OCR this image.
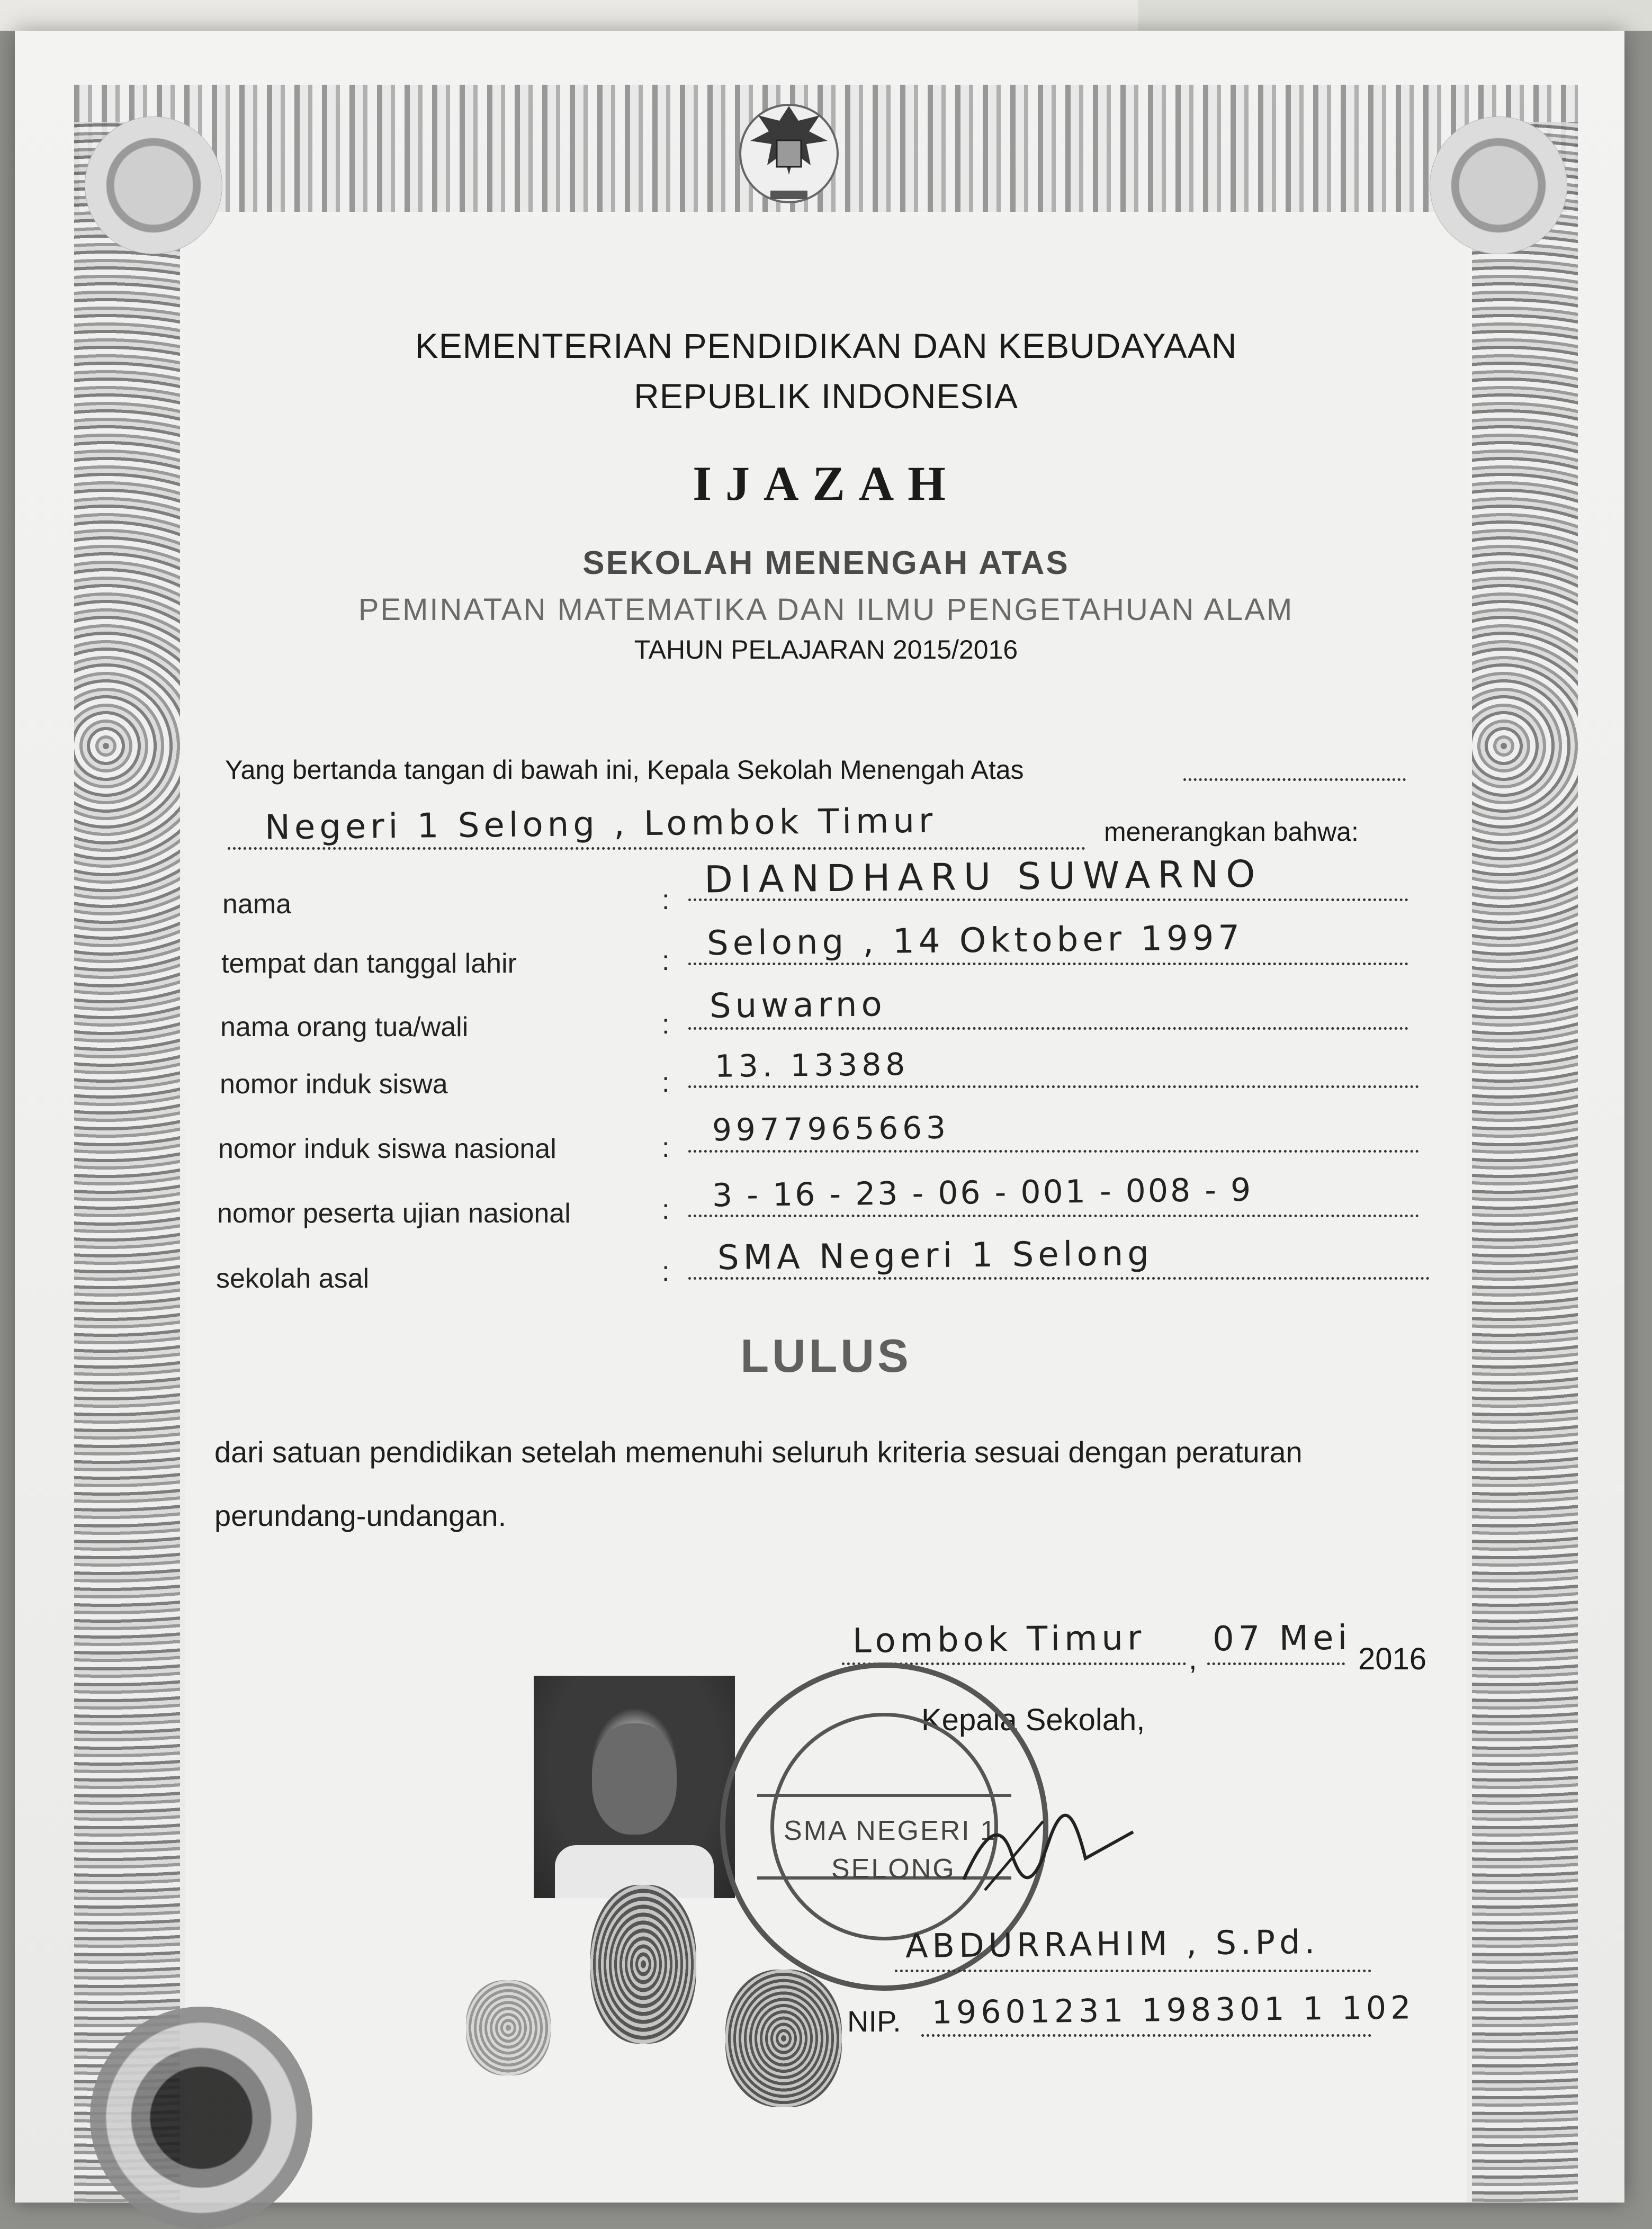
KEMENTERIAN PENDIDIKAN DAN KEBUDAYAAN
REPUBLIK INDONESIA
IJAZAH
SEKOLAH MENENGAH ATAS
PEMINATAN MATEMATIKA DAN ILMU PENGETAHUAN ALAM
TAHUN PELAJARAN 2015/2016
Yang bertanda tangan di bawah ini, Kepala Sekolah Menengah Atas
Negeri 1 Selong , Lombok Timur	menerangkan bahwa:
nama	: DIANDHARU SUWARNO
tempat dan tanggal lahir	: Selong , 14 Oktober 1997
nama orang tua/wali	: Suwarno
nomor induk siswa	: 13. 13388
nomor induk siswa nasional	: 9977965663
nomor peserta ujian nasional	: 3 - 16 - 23 - 06 - 001 - 008 - 9
sekolah asal	: SMA Negeri 1 Selong
LULUS
dari satuan pendidikan setelah memenuhi seluruh kriteria sesuai dengan peraturan
perundang-undangan.
Lombok Timur , 07 Mei
2016
Kepala Sekolah,
SMA NEGERI 1
SELONG
ABDURRAHIM , S.Pd.
NIP. 19601231 198301 1 102
